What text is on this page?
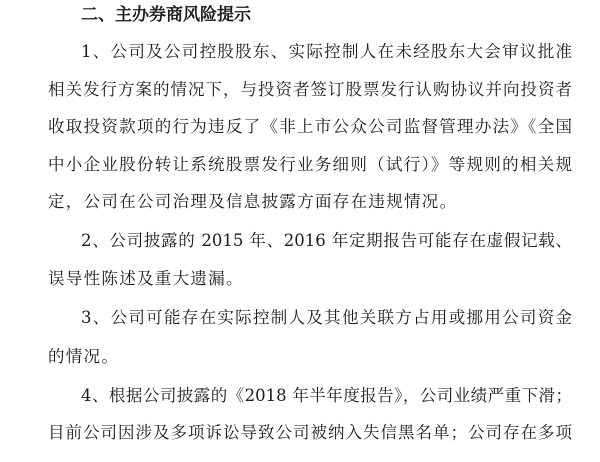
二、主办券商风险提示
1、公司及公司控股股东、实际控制人在未经股东大会审议批准
相关发行方案的情况下，与投资者签订股票发行认购协议并向投资者
收取投资款项的行为违反了《非上市公众公司监督管理办法》《全国
中小企业股份转让系统股票发行业务细则（试行）》等规则的相关规
定，公司在公司治理及信息披露方面存在违规情况。
2、公司披露的 2015 年、2016 年定期报告可能存在虚假记载、
误导性陈述及重大遗漏。
3、公司可能存在实际控制人及其他关联方占用或挪用公司资金
的情况。
4、根据公司披露的《2018 年半年度报告》，公司业绩严重下滑；
目前公司因涉及多项诉讼导致公司被纳入失信黑名单；公司存在多项
